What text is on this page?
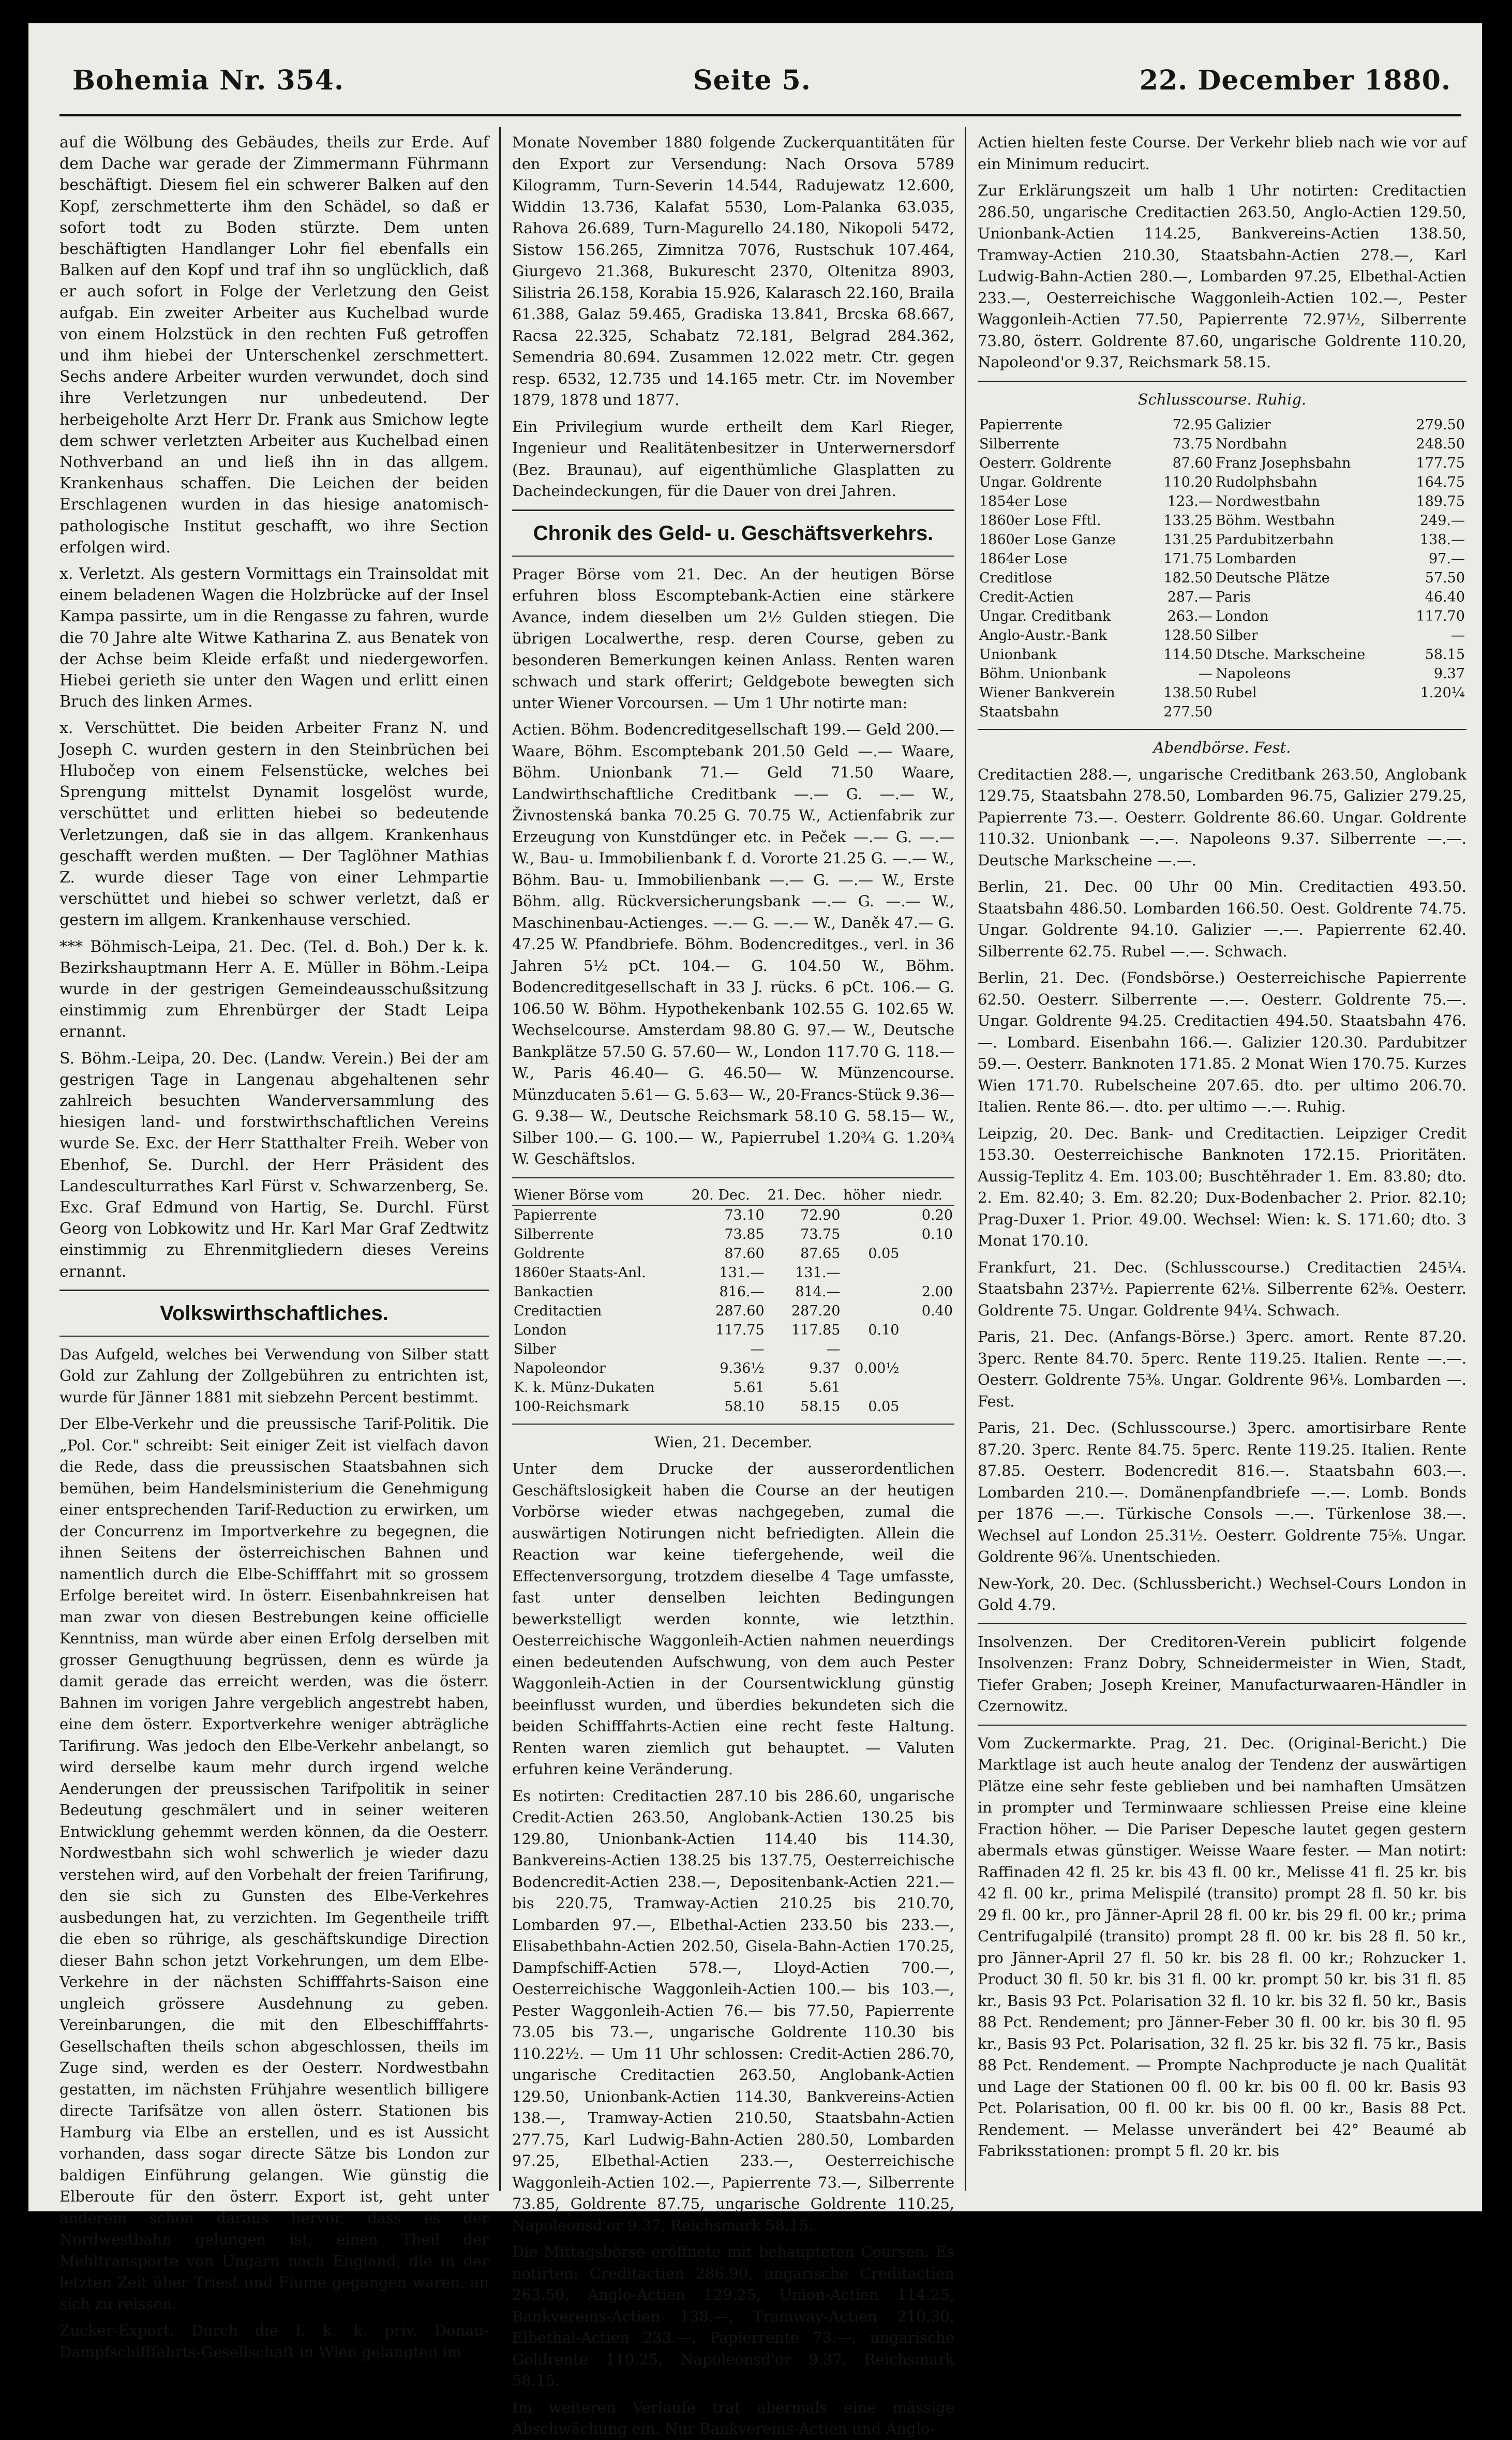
Bohemia Nr. 354.	Seite 5.	22. December 1880.

auf die Wölbung des Gebäudes, theils zur Erde. Auf dem Dache war gerade der Zimmermann Führmann beschäftigt. Diesem fiel ein schwerer Balken auf den Kopf, zerschmetterte ihm den Schädel, so daß er sofort todt zu Boden stürzte. Dem unten beschäftigten Handlanger Lohr fiel ebenfalls ein Balken auf den Kopf und traf ihn so unglücklich, daß er auch sofort in Folge der Verletzung den Geist aufgab. Ein zweiter Arbeiter aus Kuchelbad wurde von einem Holzstück in den rechten Fuß getroffen und ihm hiebei der Unterschenkel zerschmettert. Sechs andere Arbeiter wurden verwundet, doch sind ihre Verletzungen nur unbedeutend. Der herbeigeholte Arzt Herr Dr. Frank aus Smichow legte dem schwer verletzten Arbeiter aus Kuchelbad einen Nothverband an und ließ ihn in das allgem. Krankenhaus schaffen. Die Leichen der beiden Erschlagenen wurden in das hiesige anatomisch-pathologische Institut geschafft, wo ihre Section erfolgen wird.

x. Verletzt. Als gestern Vormittags ein Trainsoldat mit einem beladenen Wagen die Holzbrücke auf der Insel Kampa passirte, um in die Rengasse zu fahren, wurde die 70 Jahre alte Witwe Katharina Z. aus Benatek von der Achse beim Kleide erfaßt und niedergeworfen. Hiebei gerieth sie unter den Wagen und erlitt einen Bruch des linken Armes.

x. Verschüttet. Die beiden Arbeiter Franz N. und Joseph C. wurden gestern in den Steinbrüchen bei Hlubočep von einem Felsenstücke, welches bei Sprengung mittelst Dynamit losgelöst wurde, verschüttet und erlitten hiebei so bedeutende Verletzungen, daß sie in das allgem. Krankenhaus geschafft werden mußten. — Der Taglöhner Mathias Z. wurde dieser Tage von einer Lehmpartie verschüttet und hiebei so schwer verletzt, daß er gestern im allgem. Krankenhause verschied.

*** Böhmisch-Leipa, 21. Dec. (Tel. d. Boh.) Der k. k. Bezirkshauptmann Herr A. E. Müller in Böhm.-Leipa wurde in der gestrigen Gemeindeausschußsitzung einstimmig zum Ehrenbürger der Stadt Leipa ernannt.

S. Böhm.-Leipa, 20. Dec. (Landw. Verein.) Bei der am gestrigen Tage in Langenau abgehaltenen sehr zahlreich besuchten Wanderversammlung des hiesigen land- und forstwirthschaftlichen Vereins wurde Se. Exc. der Herr Statthalter Freih. Weber von Ebenhof, Se. Durchl. der Herr Präsident des Landesculturrathes Karl Fürst v. Schwarzenberg, Se. Exc. Graf Edmund von Hartig, Se. Durchl. Fürst Georg von Lobkowitz und Hr. Karl Mar Graf Zedtwitz einstimmig zu Ehrenmitgliedern dieses Vereins ernannt.

Volkswirthschaftliches.

Das Aufgeld, welches bei Verwendung von Silber statt Gold zur Zahlung der Zollgebühren zu entrichten ist, wurde für Jänner 1881 mit siebzehn Percent bestimmt.

Der Elbe-Verkehr und die preussische Tarif-Politik. Die „Pol. Cor." schreibt: Seit einiger Zeit ist vielfach davon die Rede, dass die preussischen Staatsbahnen sich bemühen, beim Handelsministerium die Genehmigung einer entsprechenden Tarif-Reduction zu erwirken, um der Concurrenz im Importverkehre zu begegnen, die ihnen Seitens der österreichischen Bahnen und namentlich durch die Elbe-Schifffahrt mit so grossem Erfolge bereitet wird. In österr. Eisenbahnkreisen hat man zwar von diesen Bestrebungen keine officielle Kenntniss, man würde aber einen Erfolg derselben mit grosser Genugthuung begrüssen, denn es würde ja damit gerade das erreicht werden, was die österr. Bahnen im vorigen Jahre vergeblich angestrebt haben, eine dem österr. Exportverkehre weniger abträgliche Tarifirung. Was jedoch den Elbe-Verkehr anbelangt, so wird derselbe kaum mehr durch irgend welche Aenderungen der preussischen Tarifpolitik in seiner Bedeutung geschmälert und in seiner weiteren Entwicklung gehemmt werden können, da die Oesterr. Nordwestbahn sich wohl schwerlich je wieder dazu verstehen wird, auf den Vorbehalt der freien Tarifirung, den sie sich zu Gunsten des Elbe-Verkehres ausbedungen hat, zu verzichten. Im Gegentheile trifft die eben so rührige, als geschäftskundige Direction dieser Bahn schon jetzt Vorkehrungen, um dem Elbe-Verkehre in der nächsten Schifffahrts-Saison eine ungleich grössere Ausdehnung zu geben. Vereinbarungen, die mit den Elbeschifffahrts-Gesellschaften theils schon abgeschlossen, theils im Zuge sind, werden es der Oesterr. Nordwestbahn gestatten, im nächsten Frühjahre wesentlich billigere directe Tarifsätze von allen österr. Stationen bis Hamburg via Elbe an erstellen, und es ist Aussicht vorhanden, dass sogar directe Sätze bis London zur baldigen Einführung gelangen. Wie günstig die Elberoute für den österr. Export ist, geht unter anderem schon daraus hervor, dass es der Nordwestbahn gelungen ist, einen Theil der Mehltransporte von Ungarn nach England, die in der letzten Zeit über Triest und Fiume gegangen waren, an sich zu reissen.

Zucker-Export. Durch die I. k. k. priv. Donau-Dampfschifffahrts-Gesellschaft in Wien gelangten im

Monate November 1880 folgende Zuckerquantitäten für den Export zur Versendung: Nach Orsova 5789 Kilogramm, Turn-Severin 14.544, Radujewatz 12.600, Widdin 13.736, Kalafat 5530, Lom-Palanka 63.035, Rahova 26.689, Turn-Magurello 24.180, Nikopoli 5472, Sistow 156.265, Zimnitza 7076, Rustschuk 107.464, Giurgevo 21.368, Bukurescht 2370, Oltenitza 8903, Silistria 26.158, Korabia 15.926, Kalarasch 22.160, Braila 61.388, Galaz 59.465, Gradiska 13.841, Brcska 68.667, Racsa 22.325, Schabatz 72.181, Belgrad 284.362, Semendria 80.694. Zusammen 12.022 metr. Ctr. gegen resp. 6532, 12.735 und 14.165 metr. Ctr. im November 1879, 1878 und 1877.

Ein Privilegium wurde ertheilt dem Karl Rieger, Ingenieur und Realitätenbesitzer in Unterwernersdorf (Bez. Braunau), auf eigenthümliche Glasplatten zu Dacheindeckungen, für die Dauer von drei Jahren.

Chronik des Geld- u. Geschäftsverkehrs.

Prager Börse vom 21. Dec. An der heutigen Börse erfuhren bloss Escomptebank-Actien eine stärkere Avance, indem dieselben um 2½ Gulden stiegen. Die übrigen Localwerthe, resp. deren Course, geben zu besonderen Bemerkungen keinen Anlass. Renten waren schwach und stark offerirt; Geldgebote bewegten sich unter Wiener Vorcoursen. — Um 1 Uhr notirte man:

Actien. Böhm. Bodencreditgesellschaft 199.— Geld 200.— Waare, Böhm. Escomptebank 201.50 Geld —.— Waare, Böhm. Unionbank 71.— Geld 71.50 Waare, Landwirthschaftliche Creditbank —.— G. —.— W., Živnostenská banka 70.25 G. 70.75 W., Actienfabrik zur Erzeugung von Kunstdünger etc. in Peček —.— G. —.— W., Bau- u. Immobilienbank f. d. Vororte 21.25 G. —.— W., Böhm. Bau- u. Immobilienbank —.— G. —.— W., Erste Böhm. allg. Rückversicherungsbank —.— G. —.— W., Maschinenbau-Actienges. —.— G. —.— W., Daněk 47.— G. 47.25 W. Pfandbriefe. Böhm. Bodencreditges., verl. in 36 Jahren 5½ pCt. 104.— G. 104.50 W., Böhm. Bodencreditgesellschaft in 33 J. rücks. 6 pCt. 106.— G. 106.50 W. Böhm. Hypothekenbank 102.55 G. 102.65 W. Wechselcourse. Amsterdam 98.80 G. 97.— W., Deutsche Bankplätze 57.50 G. 57.60— W., London 117.70 G. 118.— W., Paris 46.40— G. 46.50— W. Münzencourse. Münzducaten 5.61— G. 5.63— W., 20-Francs-Stück 9.36— G. 9.38— W., Deutsche Reichsmark 58.10 G. 58.15— W., Silber 100.— G. 100.— W., Papierrubel 1.20¾ G. 1.20¾ W. Geschäftslos.

Wiener Börse vom	20. Dec.	21. Dec.	höher	niedr.
Papierrente	73.10	72.90		0.20
Silberrente	73.85	73.75		0.10
Goldrente	87.60	87.65	0.05	
1860er Staats-Anl.	131.—	131.—		
Bankactien	816.—	814.—		2.00
Creditactien	287.60	287.20		0.40
London	117.75	117.85	0.10	
Silber	—	—		
Napoleondor	9.36½	9.37	0.00½	
K. k. Münz-Dukaten	5.61	5.61		
100-Reichsmark	58.10	58.15	0.05	

Wien, 21. December.

Unter dem Drucke der ausserordentlichen Geschäftslosigkeit haben die Course an der heutigen Vorbörse wieder etwas nachgegeben, zumal die auswärtigen Notirungen nicht befriedigten. Allein die Reaction war keine tiefergehende, weil die Effectenversorgung, trotzdem dieselbe 4 Tage umfasste, fast unter denselben leichten Bedingungen bewerkstelligt werden konnte, wie letzthin. Oesterreichische Waggonleih-Actien nahmen neuerdings einen bedeutenden Aufschwung, von dem auch Pester Waggonleih-Actien in der Coursentwicklung günstig beeinflusst wurden, und überdies bekundeten sich die beiden Schifffahrts-Actien eine recht feste Haltung. Renten waren ziemlich gut behauptet. — Valuten erfuhren keine Veränderung.

Es notirten: Creditactien 287.10 bis 286.60, ungarische Credit-Actien 263.50, Anglobank-Actien 130.25 bis 129.80, Unionbank-Actien 114.40 bis 114.30, Bankvereins-Actien 138.25 bis 137.75, Oesterreichische Bodencredit-Actien 238.—, Depositenbank-Actien 221.— bis 220.75, Tramway-Actien 210.25 bis 210.70, Lombarden 97.—, Elbethal-Actien 233.50 bis 233.—, Elisabethbahn-Actien 202.50, Gisela-Bahn-Actien 170.25, Dampfschiff-Actien 578.—, Lloyd-Actien 700.—, Oesterreichische Waggonleih-Actien 100.— bis 103.—, Pester Waggonleih-Actien 76.— bis 77.50, Papierrente 73.05 bis 73.—, ungarische Goldrente 110.30 bis 110.22½. — Um 11 Uhr schlossen: Credit-Actien 286.70, ungarische Creditactien 263.50, Anglobank-Actien 129.50, Unionbank-Actien 114.30, Bankvereins-Actien 138.—, Tramway-Actien 210.50, Staatsbahn-Actien 277.75, Karl Ludwig-Bahn-Actien 280.50, Lombarden 97.25, Elbethal-Actien 233.—, Oesterreichische Waggonleih-Actien 102.—, Papierrente 73.—, Silberrente 73.85, Goldrente 87.75, ungarische Goldrente 110.25, Napoleonsd'or 9.37, Reichsmark 58.15.

Die Mittagsbörse eröffnete mit behaupteten Coursen. Es notirten: Creditactien 286.90, ungarische Creditactien 263.50, Anglo-Actien 129.25, Union-Actien 114.25, Bankvereins-Actien 138.—, Tramway-Actien 210.30, Elbethal-Actien 233.—, Papierrente 73.—, ungarische Goldrente 110.25, Napoleonsd'or 9.37, Reichsmark 58.15.

Im weiteren Verlaufe trat abermals eine mässige Abschwächung ein. Nur Bankvereins-Actien und Anglo-

Actien hielten feste Course. Der Verkehr blieb nach wie vor auf ein Minimum reducirt.

Zur Erklärungszeit um halb 1 Uhr notirten: Creditactien 286.50, ungarische Creditactien 263.50, Anglo-Actien 129.50, Unionbank-Actien 114.25, Bankvereins-Actien 138.50, Tramway-Actien 210.30, Staatsbahn-Actien 278.—, Karl Ludwig-Bahn-Actien 280.—, Lombarden 97.25, Elbethal-Actien 233.—, Oesterreichische Waggonleih-Actien 102.—, Pester Waggonleih-Actien 77.50, Papierrente 72.97½, Silberrente 73.80, österr. Goldrente 87.60, ungarische Goldrente 110.20, Napoleond'or 9.37, Reichsmark 58.15.

Schlusscourse. Ruhig.

Papierrente	72.95	Galizier	279.50
Silberrente	73.75	Nordbahn	248.50
Oesterr. Goldrente	87.60	Franz Josephsbahn	177.75
Ungar. Goldrente	110.20	Rudolphsbahn	164.75
1854er Lose	123.—	Nordwestbahn	189.75
1860er Lose Fftl.	133.25	Böhm. Westbahn	249.—
1860er Lose Ganze	131.25	Pardubitzerbahn	138.—
1864er Lose	171.75	Lombarden	97.—
Creditlose	182.50	Deutsche Plätze	57.50
Credit-Actien	287.—	Paris	46.40
Ungar. Creditbank	263.—	London	117.70
Anglo-Austr.-Bank	128.50	Silber	—
Unionbank	114.50	Dtsche. Markscheine	58.15
Böhm. Unionbank	—	Napoleons	9.37
Wiener Bankverein	138.50	Rubel	1.20¼
Staatsbahn	277.50		

Abendbörse. Fest.

Creditactien 288.—, ungarische Creditbank 263.50, Anglobank 129.75, Staatsbahn 278.50, Lombarden 96.75, Galizier 279.25, Papierrente 73.—. Oesterr. Goldrente 86.60. Ungar. Goldrente 110.32. Unionbank —.—. Napoleons 9.37. Silberrente —.—. Deutsche Markscheine —.—.

Berlin, 21. Dec. 00 Uhr 00 Min. Creditactien 493.50. Staatsbahn 486.50. Lombarden 166.50. Oest. Goldrente 74.75. Ungar. Goldrente 94.10. Galizier —.—. Papierrente 62.40. Silberrente 62.75. Rubel —.—. Schwach.

Berlin, 21. Dec. (Fondsbörse.) Oesterreichische Papierrente 62.50. Oesterr. Silberrente —.—. Oesterr. Goldrente 75.—. Ungar. Goldrente 94.25. Creditactien 494.50. Staatsbahn 476.—. Lombard. Eisenbahn 166.—. Galizier 120.30. Pardubitzer 59.—. Oesterr. Banknoten 171.85. 2 Monat Wien 170.75. Kurzes Wien 171.70. Rubelscheine 207.65. dto. per ultimo 206.70. Italien. Rente 86.—. dto. per ultimo —.—. Ruhig.

Leipzig, 20. Dec. Bank- und Creditactien. Leipziger Credit 153.30. Oesterreichische Banknoten 172.15. Prioritäten. Aussig-Teplitz 4. Em. 103.00; Buschtěhrader 1. Em. 83.80; dto. 2. Em. 82.40; 3. Em. 82.20; Dux-Bodenbacher 2. Prior. 82.10; Prag-Duxer 1. Prior. 49.00. Wechsel: Wien: k. S. 171.60; dto. 3 Monat 170.10.

Frankfurt, 21. Dec. (Schlusscourse.) Creditactien 245¼. Staatsbahn 237½. Papierrente 62⅛. Silberrente 62⅝. Oesterr. Goldrente 75. Ungar. Goldrente 94¼. Schwach.

Paris, 21. Dec. (Anfangs-Börse.) 3perc. amort. Rente 87.20. 3perc. Rente 84.70. 5perc. Rente 119.25. Italien. Rente —.—. Oesterr. Goldrente 75⅜. Ungar. Goldrente 96⅛. Lombarden —. Fest.

Paris, 21. Dec. (Schlusscourse.) 3perc. amortisirbare Rente 87.20. 3perc. Rente 84.75. 5perc. Rente 119.25. Italien. Rente 87.85. Oesterr. Bodencredit 816.—. Staatsbahn 603.—. Lombarden 210.—. Domänenpfandbriefe —.—. Lomb. Bonds per 1876 —.—. Türkische Consols —.—. Türkenlose 38.—. Wechsel auf London 25.31½. Oesterr. Goldrente 75⅝. Ungar. Goldrente 96⅞. Unentschieden.

New-York, 20. Dec. (Schlussbericht.) Wechsel-Cours London in Gold 4.79.

Insolvenzen. Der Creditoren-Verein publicirt folgende Insolvenzen: Franz Dobry, Schneidermeister in Wien, Stadt, Tiefer Graben; Joseph Kreiner, Manufacturwaaren-Händler in Czernowitz.

Vom Zuckermarkte. Prag, 21. Dec. (Original-Bericht.) Die Marktlage ist auch heute analog der Tendenz der auswärtigen Plätze eine sehr feste geblieben und bei namhaften Umsätzen in prompter und Terminwaare schliessen Preise eine kleine Fraction höher. — Die Pariser Depesche lautet gegen gestern abermals etwas günstiger. Weisse Waare fester. — Man notirt: Raffinaden 42 fl. 25 kr. bis 43 fl. 00 kr., Melisse 41 fl. 25 kr. bis 42 fl. 00 kr., prima Melispilé (transito) prompt 28 fl. 50 kr. bis 29 fl. 00 kr., pro Jänner-April 28 fl. 00 kr. bis 29 fl. 00 kr.; prima Centrifugalpilé (transito) prompt 28 fl. 00 kr. bis 28 fl. 50 kr., pro Jänner-April 27 fl. 50 kr. bis 28 fl. 00 kr.; Rohzucker 1. Product 30 fl. 50 kr. bis 31 fl. 00 kr. prompt 50 kr. bis 31 fl. 85 kr., Basis 93 Pct. Polarisation 32 fl. 10 kr. bis 32 fl. 50 kr., Basis 88 Pct. Rendement; pro Jänner-Feber 30 fl. 00 kr. bis 30 fl. 95 kr., Basis 93 Pct. Polarisation, 32 fl. 25 kr. bis 32 fl. 75 kr., Basis 88 Pct. Rendement. — Prompte Nachproducte je nach Qualität und Lage der Stationen 00 fl. 00 kr. bis 00 fl. 00 kr. Basis 93 Pct. Polarisation, 00 fl. 00 kr. bis 00 fl. 00 kr., Basis 88 Pct. Rendement. — Melasse unverändert bei 42° Beaumé ab Fabriksstationen: prompt 5 fl. 20 kr. bis
